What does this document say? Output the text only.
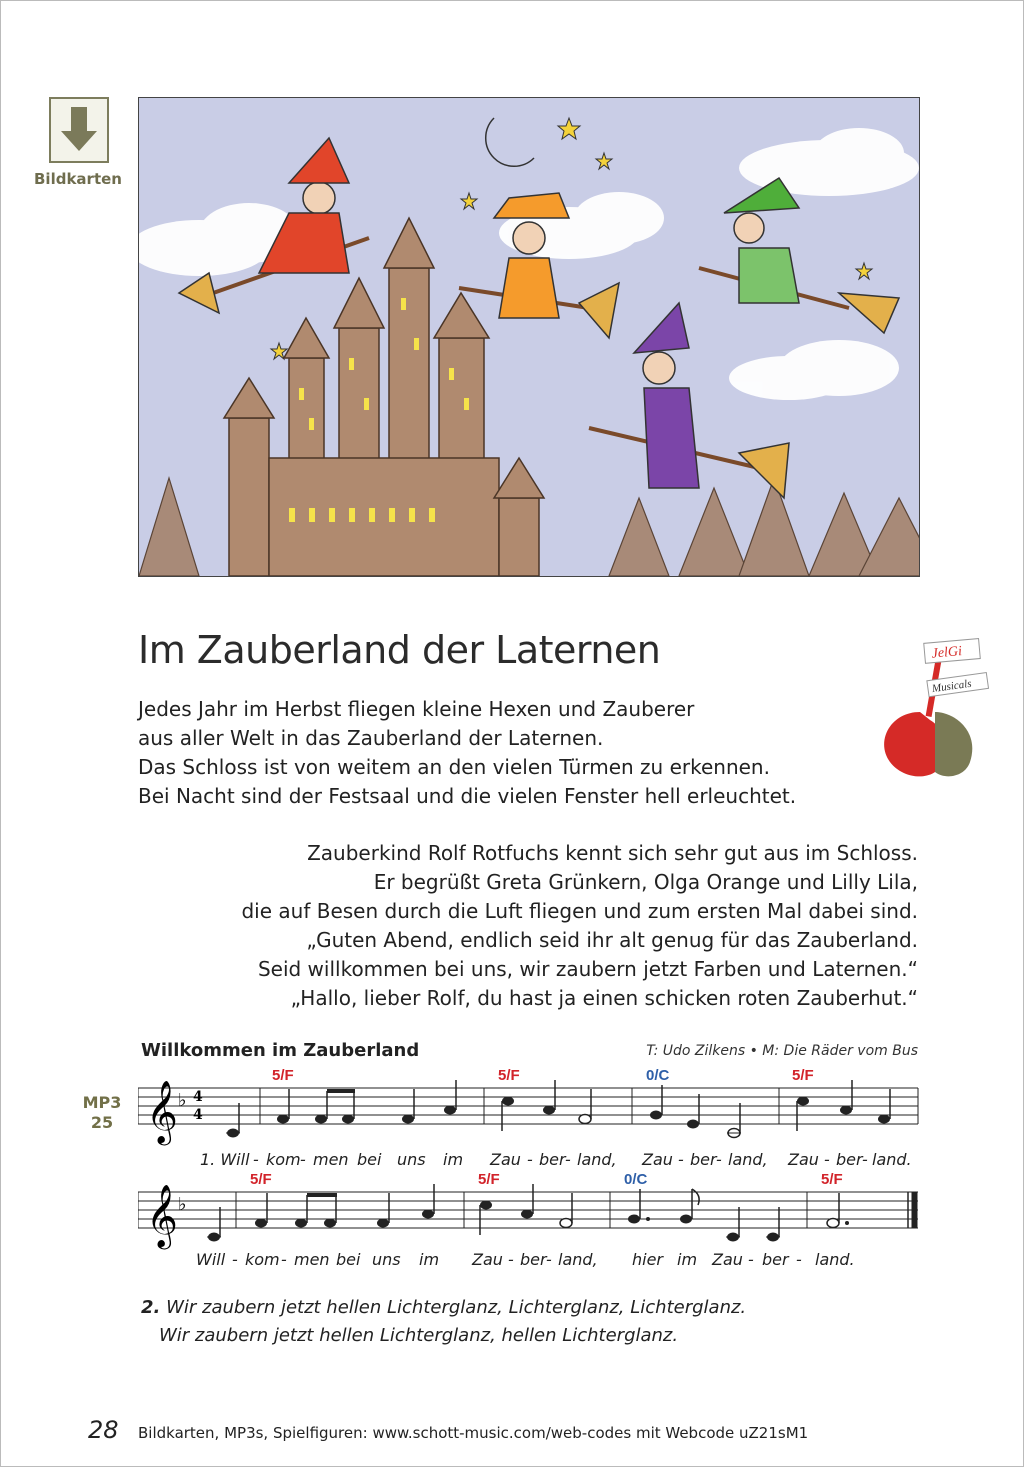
Bildkarten
Im Zauberland der Laternen
Jedes Jahr im Herbst fliegen kleine Hexen und Zauberer
aus aller Welt in das Zauberland der Laternen.
Das Schloss ist von weitem an den vielen Türmen zu erkennen.
Bei Nacht sind der Festsaal und die vielen Fenster hell erleuchtet.
Zauberkind Rolf Rotfuchs kennt sich sehr gut aus im Schloss.
Er begrüßt Greta Grünkern, Olga Orange und Lilly Lila,
die auf Besen durch die Luft fliegen und zum ersten Mal dabei sind.
„Guten Abend, endlich seid ihr alt genug für das Zauberland.
Seid willkommen bei uns, wir zaubern jetzt Farben und Laternen.“
„Hallo, lieber Rolf, du hast ja einen schicken roten Zauberhut.“
JelGi
Musicals
Willkommen im Zauberland	T: Udo Zilkens • M: Die Räder vom Bus
MP3
25 𝄞 ♭ 4
4
5/F	5/F	0/C	5/F
1. Will - kom - men bei uns im Zau - ber - land, Zau - ber - land, Zau - ber - land.
𝄞 ♭
5/F	5/F	0/C	5/F
Will - kom - men bei uns im Zau - ber - land, hier im Zau - ber - land.
2. Wir zaubern jetzt hellen Lichterglanz, Lichterglanz, Lichterglanz.
Wir zaubern jetzt hellen Lichterglanz, hellen Lichterglanz.
28 Bildkarten, MP3s, Spielfiguren: www.schott-music.com/web-codes mit Webcode uZ21sM1
